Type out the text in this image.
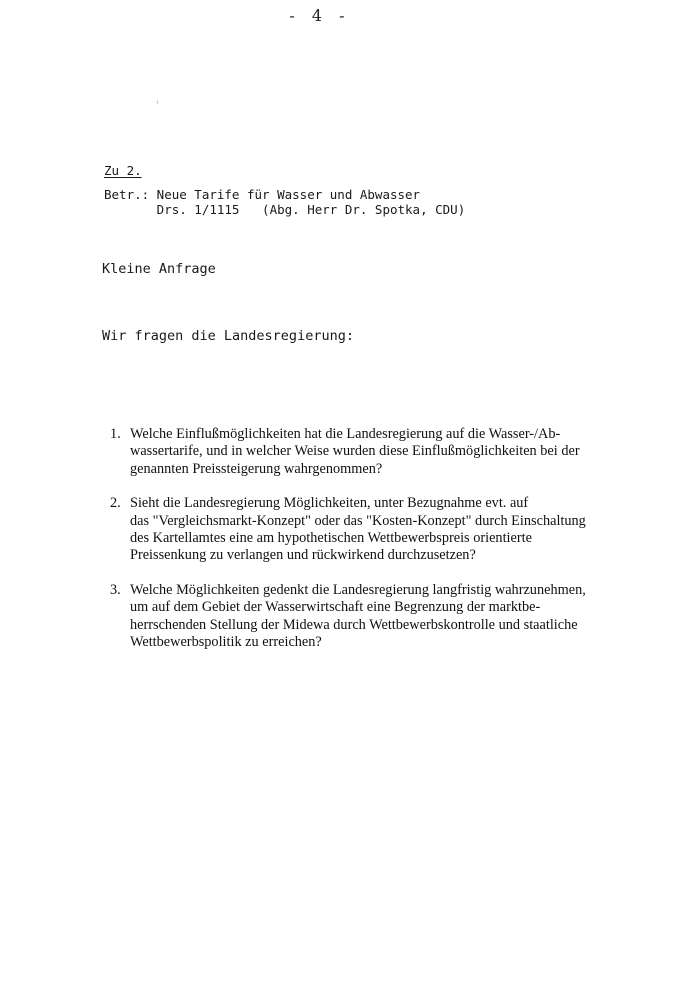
- 4 -
ꜜ
Zu 2.
Betr.: Neue Tarife für Wasser und Abwasser
Drs. 1/1115   (Abg. Herr Dr. Spotka, CDU)
Kleine Anfrage
Wir fragen die Landesregierung:
1. Welche Einflußmöglichkeiten hat die Landesregierung auf die Wasser-/Ab-
wassertarife, und in welcher Weise wurden diese Einflußmöglichkeiten bei der
genannten Preissteigerung wahrgenommen?
2. Sieht die Landesregierung Möglichkeiten, unter Bezugnahme evt. auf
das "Vergleichsmarkt-Konzept" oder das "Kosten-Konzept" durch Einschaltung
des Kartellamtes eine am hypothetischen Wettbewerbspreis orientierte
Preissenkung zu verlangen und rückwirkend durchzusetzen?
3. Welche Möglichkeiten gedenkt die Landesregierung langfristig wahrzunehmen,
um auf dem Gebiet der Wasserwirtschaft eine Begrenzung der marktbe-
herrschenden Stellung der Midewa durch Wettbewerbskontrolle und staatliche
Wettbewerbspolitik zu erreichen?
